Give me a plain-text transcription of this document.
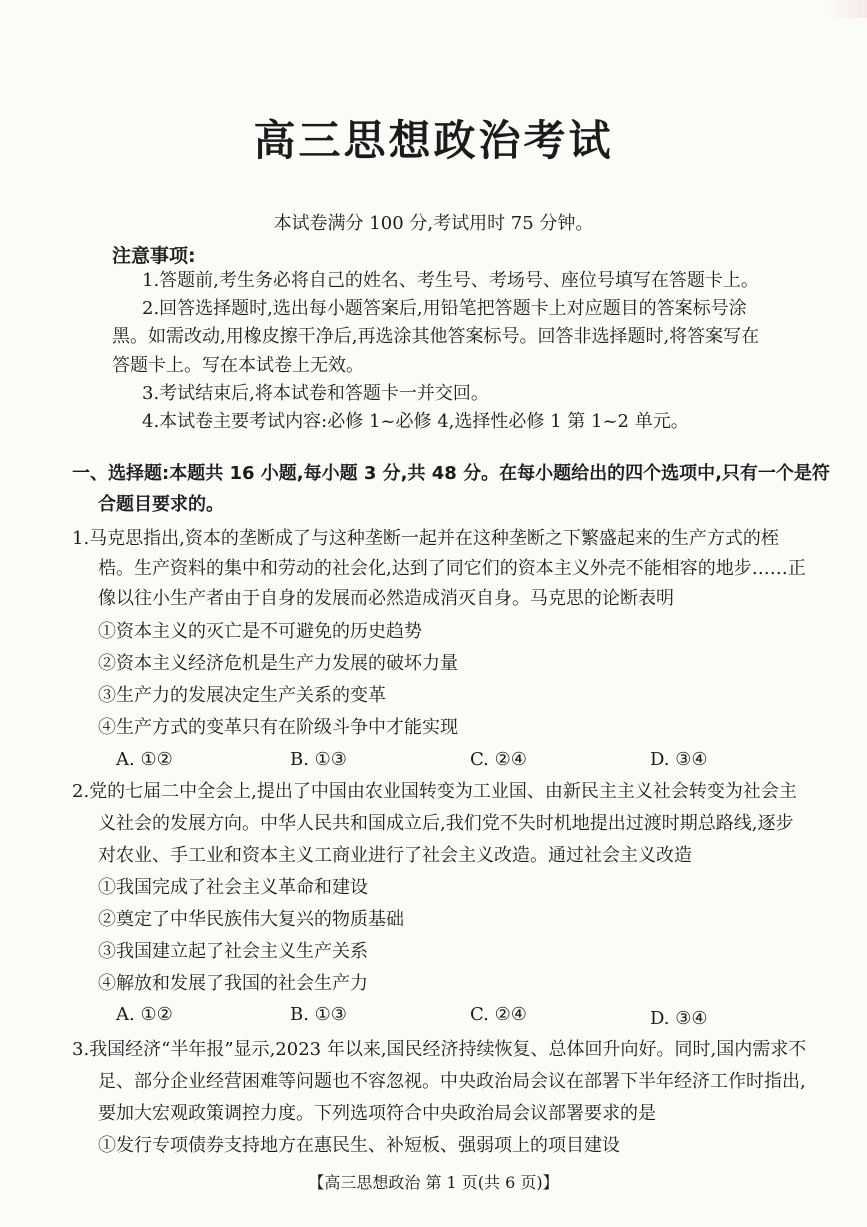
高三思想政治考试
本试卷满分 100 分,考试用时 75 分钟。
注意事项:
1.答题前,考生务必将自己的姓名、考生号、考场号、座位号填写在答题卡上。
2.回答选择题时,选出每小题答案后,用铅笔把答题卡上对应题目的答案标号涂
黑。如需改动,用橡皮擦干净后,再选涂其他答案标号。回答非选择题时,将答案写在
答题卡上。写在本试卷上无效。
3.考试结束后,将本试卷和答题卡一并交回。
4.本试卷主要考试内容:必修 1~必修 4,选择性必修 1 第 1~2 单元。
一、选择题:本题共 16 小题,每小题 3 分,共 48 分。在每小题给出的四个选项中,只有一个是符
合题目要求的。
1.马克思指出,资本的垄断成了与这种垄断一起并在这种垄断之下繁盛起来的生产方式的桎
梏。生产资料的集中和劳动的社会化,达到了同它们的资本主义外壳不能相容的地步……正
像以往小生产者由于自身的发展而必然造成消灭自身。马克思的论断表明
①资本主义的灭亡是不可避免的历史趋势
②资本主义经济危机是生产力发展的破坏力量
③生产力的发展决定生产关系的变革
④生产方式的变革只有在阶级斗争中才能实现
A. ①②	B. ①③	C. ②④	D. ③④
2.党的七届二中全会上,提出了中国由农业国转变为工业国、由新民主主义社会转变为社会主
义社会的发展方向。中华人民共和国成立后,我们党不失时机地提出过渡时期总路线,逐步
对农业、手工业和资本主义工商业进行了社会主义改造。通过社会主义改造
①我国完成了社会主义革命和建设
②奠定了中华民族伟大复兴的物质基础
③我国建立起了社会主义生产关系
④解放和发展了我国的社会生产力
A. ①②	B. ①③	C. ②④	D. ③④
3.我国经济“半年报”显示,2023 年以来,国民经济持续恢复、总体回升向好。同时,国内需求不
足、部分企业经营困难等问题也不容忽视。中央政治局会议在部署下半年经济工作时指出,
要加大宏观政策调控力度。下列选项符合中央政治局会议部署要求的是
①发行专项债券支持地方在惠民生、补短板、强弱项上的项目建设
【高三思想政治 第 1 页(共 6 页)】
